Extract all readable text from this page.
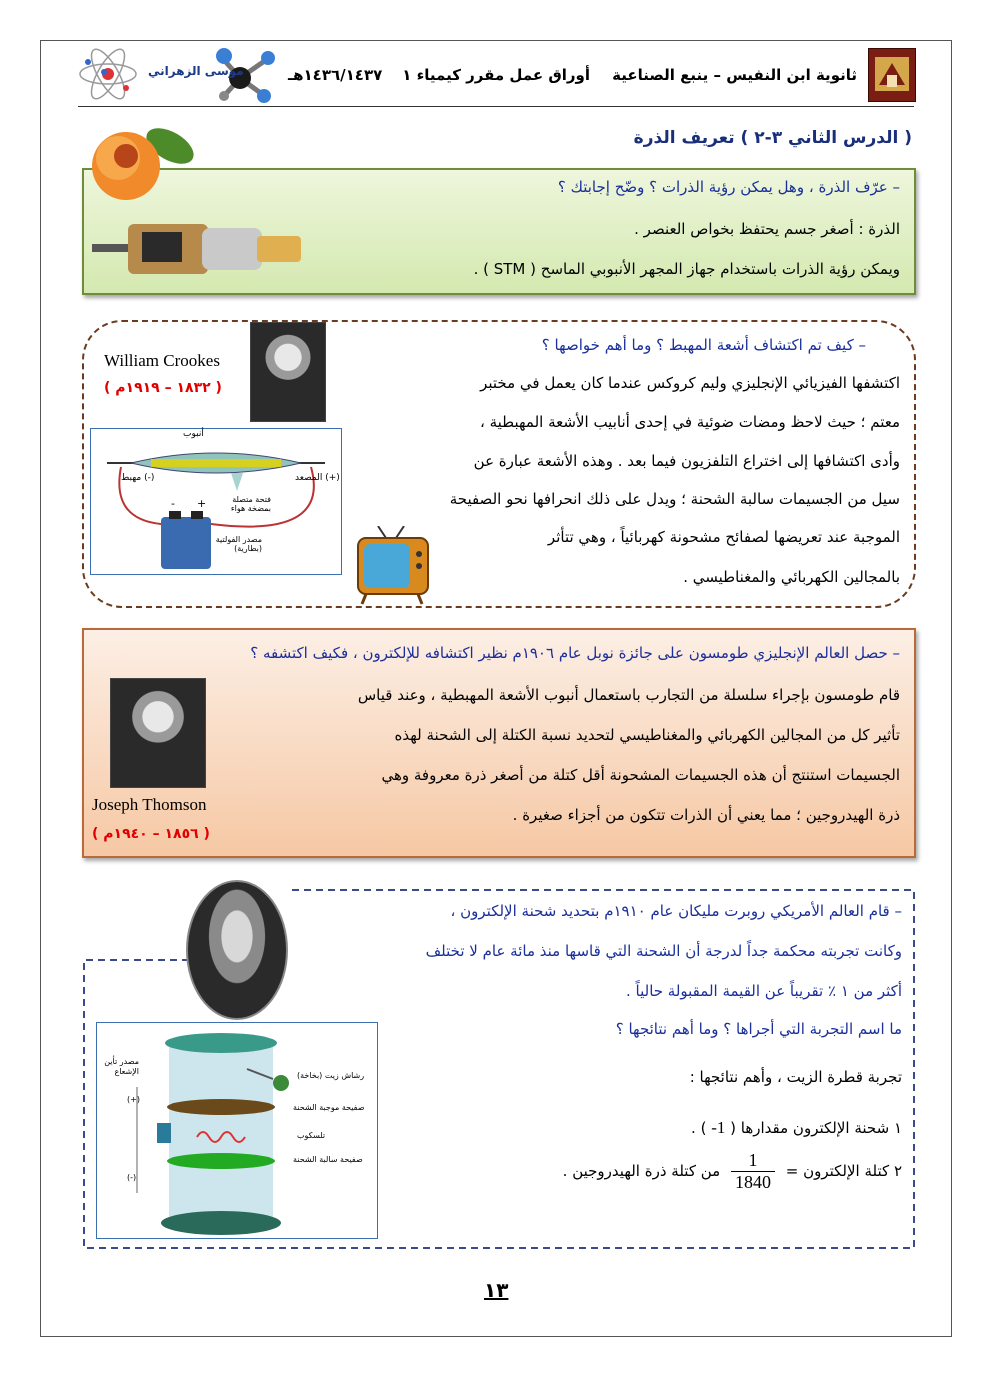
ثانوية ابن النفيس – ينبع الصناعية
أوراق عمل مقرر كيمياء ١
١٤٣٦/١٤٣٧هـ
موسى الزهراني
( الدرس الثاني ٣-٢ ) تعريف الذرة
– عرّف الذرة ، وهل يمكن رؤية الذرات ؟ وضّح إجابتك ؟
الذرة : أصغر جسم يحتفظ بخواص العنصر .
ويمكن رؤية الذرات باستخدام جهاز المجهر الأنبوبي الماسح ( STM ) .
– كيف تم اكتشاف أشعة المهبط ؟ وما أهم خواصها ؟
اكتشفها الفيزيائي الإنجليزي وليم كروكس عندما كان يعمل في مختبر
معتم ؛ حيث لاحظ ومضات ضوئية في إحدى أنابيب الأشعة المهبطية ،
وأدى اكتشافها إلى اختراع التلفزيون فيما بعد . وهذه الأشعة عبارة عن
سيل من الجسيمات سالبة الشحنة ؛ ويدل على ذلك انحرافها نحو الصفيحة
الموجبة عند تعريضها لصفائح مشحونة كهربائياً ، وهي تتأثر
بالمجالين الكهربائي والمغناطيسي .
William Crookes
( ١٨٣٢ – ١٩١٩م )
أنبوب
المصعد (+)
مهبط (-)
فتحة متصلة بمضخة هواء
مصدر الفولتية (بطارية)
- +
– حصل العالم الإنجليزي طومسون على جائزة نوبل عام ١٩٠٦م نظير اكتشافه للإلكترون ، فكيف اكتشفه ؟
قام طومسون بإجراء سلسلة من التجارب باستعمال أنبوب الأشعة المهبطية ، وعند قياس
تأثير كل من المجالين الكهربائي والمغناطيسي لتحديد نسبة الكتلة إلى الشحنة لهذه
الجسيمات استنتج أن هذه الجسيمات المشحونة أقل كتلة من أصغر ذرة معروفة وهي
ذرة الهيدروجين ؛ مما يعني أن الذرات تتكون من أجزاء صغيرة .
Joseph Thomson
( ١٨٥٦ – ١٩٤٠م )
– قام العالم الأمريكي روبرت مليكان عام ١٩١٠م بتحديد شحنة الإلكترون ،
وكانت تجربته محكمة جداً لدرجة أن الشحنة التي قاسها منذ مائة عام لا تختلف
أكثر من ١ ٪ تقريباً عن القيمة المقبولة حالياً .
ما اسم التجربة التي أجراها ؟ وما أهم نتائجها ؟
تجربة قطرة الزيت ، وأهم نتائجها :
١ شحنة الإلكترون مقدارها ( 1- ) .
٢ كتلة الإلكترون =
$\frac{1}{1840}$
من كتلة ذرة الهيدروجين .
مصدر تأين الإشعاع	رشاش زيت (بخاخة)
صفيحة موجبة الشحنة
تلسكوب
صفيحة سالبة الشحنة
(+)
(-)
١٣
